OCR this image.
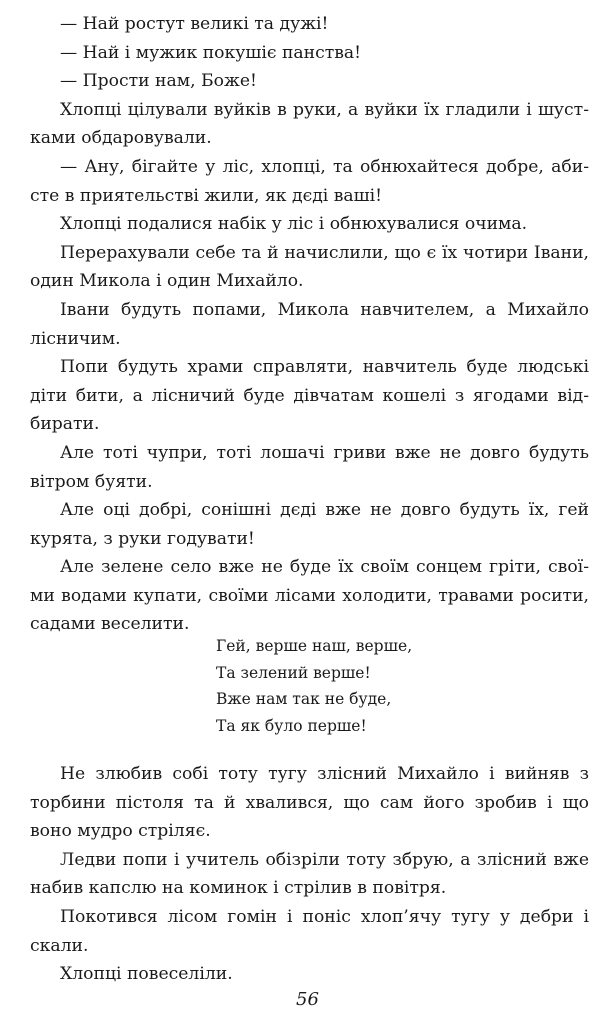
— Най ростут великі та дужі!

— Най і мужик покушіє панства!

— Прости нам, Боже!

Хлопці цілували вуйків в руки, а вуйки їх гладили і шустками обдаровували.

— Ану, бігайте у ліс, хлопці, та обнюхайтеся добре, абисте в приятельстві жили, як дєді ваші!

Хлопці подалися набік у ліс і обнюхувалися очима.

Перерахували себе та й начислили, що є їх чотири Івани, один Микола і один Михайло.

Івани будуть попами, Микола навчителем, а Михайло лісничим.

Попи будуть храми справляти, навчитель буде людські діти бити, а лісничий буде дівчатам кошелі з ягодами відбирати.

Але тоті чупри, тоті лошачі гриви вже не довго будуть вітром буяти.

Але оці добрі, сонішні дєді вже не довго будуть їх, гей курята, з руки годувати!

Але зелене село вже не буде їх своїм сонцем гріти, своїми водами купати, своїми лісами холодити, травами росити, садами веселити.

Гей, верше наш, верше,
Та зелений верше!
Вже нам так не буде,
Та як було перше!

Не злюбив собі тоту тугу злісний Михайло і вийняв з торбини пістоля та й хвалився, що сам його зробив і що воно мудро стріляє.

Ледви попи і учитель обізріли тоту збрую, а злісний вже набив капслю на коминок і стрілив в повітря.

Покотився лісом гомін і поніс хлоп’ячу тугу у дебри і скали.

Хлопці повеселіли.

56
